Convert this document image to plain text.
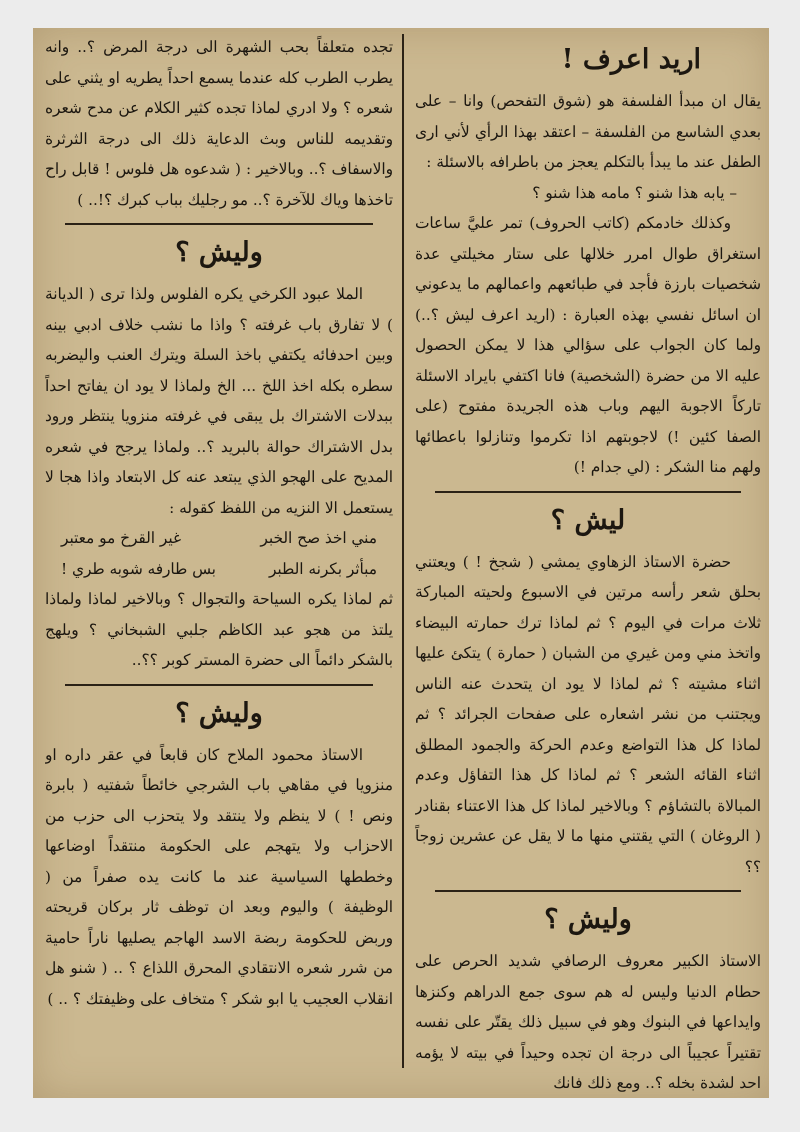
اريد اعرف !

يقال ان مبدأ الفلسفة هو (شوق التفحص) وانا – على بعدي الشاسع من الفلسفة – اعتقد بهذا الرأي لأني ارى الطفل عند ما يبدأ بالتكلم يعجز من باطرافه بالاسئلة :

– يابه هذا شنو ؟ مامه هذا شنو ؟

وكذلك خادمكم (كاتب الحروف) تمر عليَّ ساعات استغراق طوال امرر خلالها على ستار مخيلتي عدة شخصيات بارزة فأجد في طبائعهم واعمالهم ما يدعوني ان اسائل نفسي بهذه العبارة : (اريد اعرف ليش ؟..) ولما كان الجواب على سؤالي هذا لا يمكن الحصول عليه الا من حضرة (الشخصية) فانا اكتفي بايراد الاسئلة تاركاً الاجوبة اليهم وباب هذه الجريدة مفتوح (على الصفا كئين !) لاجوبتهم اذا تكرموا وتنازلوا باعطائها ولهم منا الشكر : (لي جدام !)

ليش ؟

حضرة الاستاذ الزهاوي يمشي ( شجخ ! ) ويعتني بحلق شعر رأسه مرتين في الاسبوع ولحيته المباركة ثلاث مرات في اليوم ؟ ثم لماذا ترك حمارته البيضاء واتخذ مني ومن غيري من الشبان ( حمارة ) يتكئ عليها اثناء مشيته ؟ ثم لماذا لا يود ان يتحدث عنه الناس ويجتنب من نشر اشعاره على صفحات الجرائد ؟ ثم لماذا كل هذا التواضع وعدم الحركة والجمود المطلق اثناء القائه الشعر ؟ ثم لماذا كل هذا التفاؤل وعدم المبالاة بالتشاؤم ؟ وبالاخير لماذا كل هذا الاعتناء بقنادر ( الروغان ) التي يقتني منها ما لا يقل عن عشرين زوجاً ؟؟

وليش ؟

الاستاذ الكبير معروف الرصافي شديد الحرص على حطام الدنيا وليس له هم سوى جمع الدراهم وكنزها وايداعها في البنوك وهو في سبيل ذلك يقتّر على نفسه تقتيراً عجيباً الى درجة ان تجده وحيداً في بيته لا يؤمه احد لشدة بخله ؟.. ومع ذلك فانك

تجده متعلقاً بحب الشهرة الى درجة المرض ؟.. وانه يطرب الطرب كله عندما يسمع احداً يطريه او يثني على شعره ؟ ولا ادري لماذا تجده كثير الكلام عن مدح شعره وتقديمه للناس وبث الدعاية ذلك الى درجة الثرثرة والاسفاف ؟.. وبالاخير : ( شدعوه هل فلوس ! قابل راح تاخذها وياك للآخرة ؟.. مو رجليك بباب كبرك ؟!.. )

وليش ؟

الملا عبود الكرخي يكره الفلوس ولذا ترى ( الديانة ) لا تفارق باب غرفته ؟ واذا ما نشب خلاف ادبي بينه وبين احدفائه يكتفي باخذ السلة ويترك العنب واليضربه سطره بكله اخذ اللخ ... الخ ولماذا لا يود ان يفاتح احداً ببدلات الاشتراك بل يبقى في غرفته منزويا ينتظر ورود بدل الاشتراك حوالة بالبريد ؟.. ولماذا يرجح في شعره المديح على الهجو الذي يبتعد عنه كل الابتعاد واذا هجا لا يستعمل الا النزيه من اللفظ كقوله :

مني اخذ صح الخبر
غير القرخ مو معتبر
مبأثر بكرنه الطبر
بس طارفه شوبه طري !

ثم لماذا يكره السياحة والتجوال ؟ وبالاخير لماذا ولماذا يلتذ من هجو عبد الكاظم جلبي الشبخاني ؟ ويلهج بالشكر دائماً الى حضرة المستر كوبر ؟؟..

وليش ؟

الاستاذ محمود الملاح كان قابعاً في عقر داره او منزويا في مقاهي باب الشرجي خائطاً شفتيه ( بابرة ونص ! ) لا ينظم ولا ينتقد ولا يتحزب الى حزب من الاحزاب ولا يتهجم على الحكومة منتقداً اوضاعها وخططها السياسية عند ما كانت يده صفراً من ( الوظيفة ) واليوم وبعد ان توظف ثار بركان قريحته وربض للحكومة ربضة الاسد الهاجم يصليها ناراً حامية من شرر شعره الانتقادي المحرق اللذاع ؟ .. ( شنو هل انقلاب العجيب يا ابو شكر ؟ متخاف على وظيفتك ؟ .. )
